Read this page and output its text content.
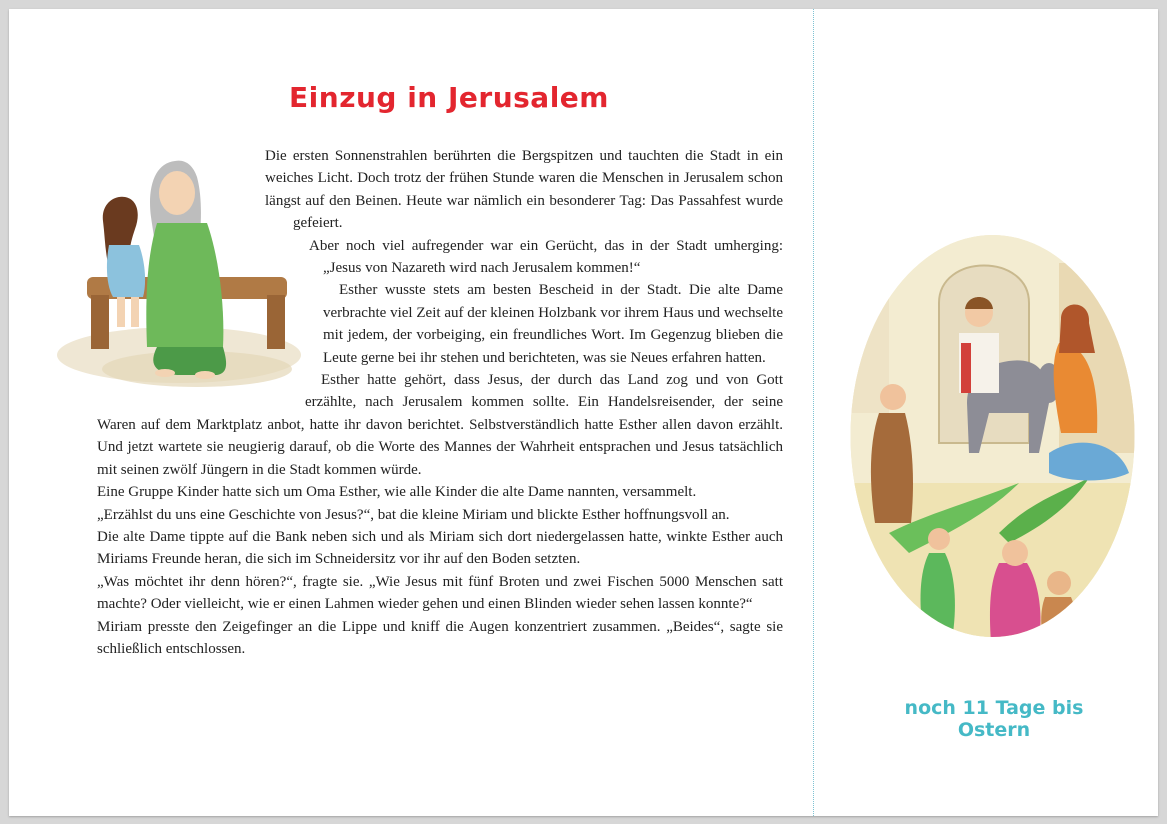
Einzug in Jerusalem

Die ersten Sonnenstrahlen berührten die Bergspitzen und tauchten die Stadt in ein weiches Licht. Doch trotz der frühen Stunde waren die Menschen in Jerusalem schon längst auf den Beinen. Heute war nämlich ein besonderer Tag: Das Passahfest wurde gefeiert.

Aber noch viel aufregender war ein Gerücht, das in der Stadt umherging: „Jesus von Nazareth wird nach Jerusalem kommen!“

Esther wusste stets am besten Bescheid in der Stadt. Die alte Dame verbrachte viel Zeit auf der kleinen Holzbank vor ihrem Haus und wechselte mit jedem, der vorbeiging, ein freundliches Wort. Im Gegenzug blieben die Leute gerne bei ihr stehen und berichteten, was sie Neues erfahren hatten.

Esther hatte gehört, dass Jesus, der durch das Land zog und von Gott erzählte, nach Jerusalem kommen sollte. Ein Handelsreisender, der seine Waren auf dem Marktplatz anbot, hatte ihr davon berichtet. Selbstverständlich hatte Esther allen davon erzählt. Und jetzt wartete sie neugierig darauf, ob die Worte des Mannes der Wahrheit entsprachen und Jesus tatsächlich mit seinen zwölf Jüngern in die Stadt kommen würde.

Eine Gruppe Kinder hatte sich um Oma Esther, wie alle Kinder die alte Dame nannten, versammelt.

„Erzählst du uns eine Geschichte von Jesus?“, bat die kleine Miriam und blickte Esther hoffnungsvoll an.

Die alte Dame tippte auf die Bank neben sich und als Miriam sich dort niedergelassen hatte, winkte Esther auch Miriams Freunde heran, die sich im Schneidersitz vor ihr auf den Boden setzten.

„Was möchtet ihr denn hören?“, fragte sie. „Wie Jesus mit fünf Broten und zwei Fischen 5000 Menschen satt machte? Oder vielleicht, wie er einen Lahmen wieder gehen und einen Blinden wieder sehen lassen konnte?“

Miriam presste den Zeigefinger an die Lippe und kniff die Augen konzentriert zusammen. „Beides“, sagte sie schließlich entschlossen.

noch 11 Tage bis Ostern
